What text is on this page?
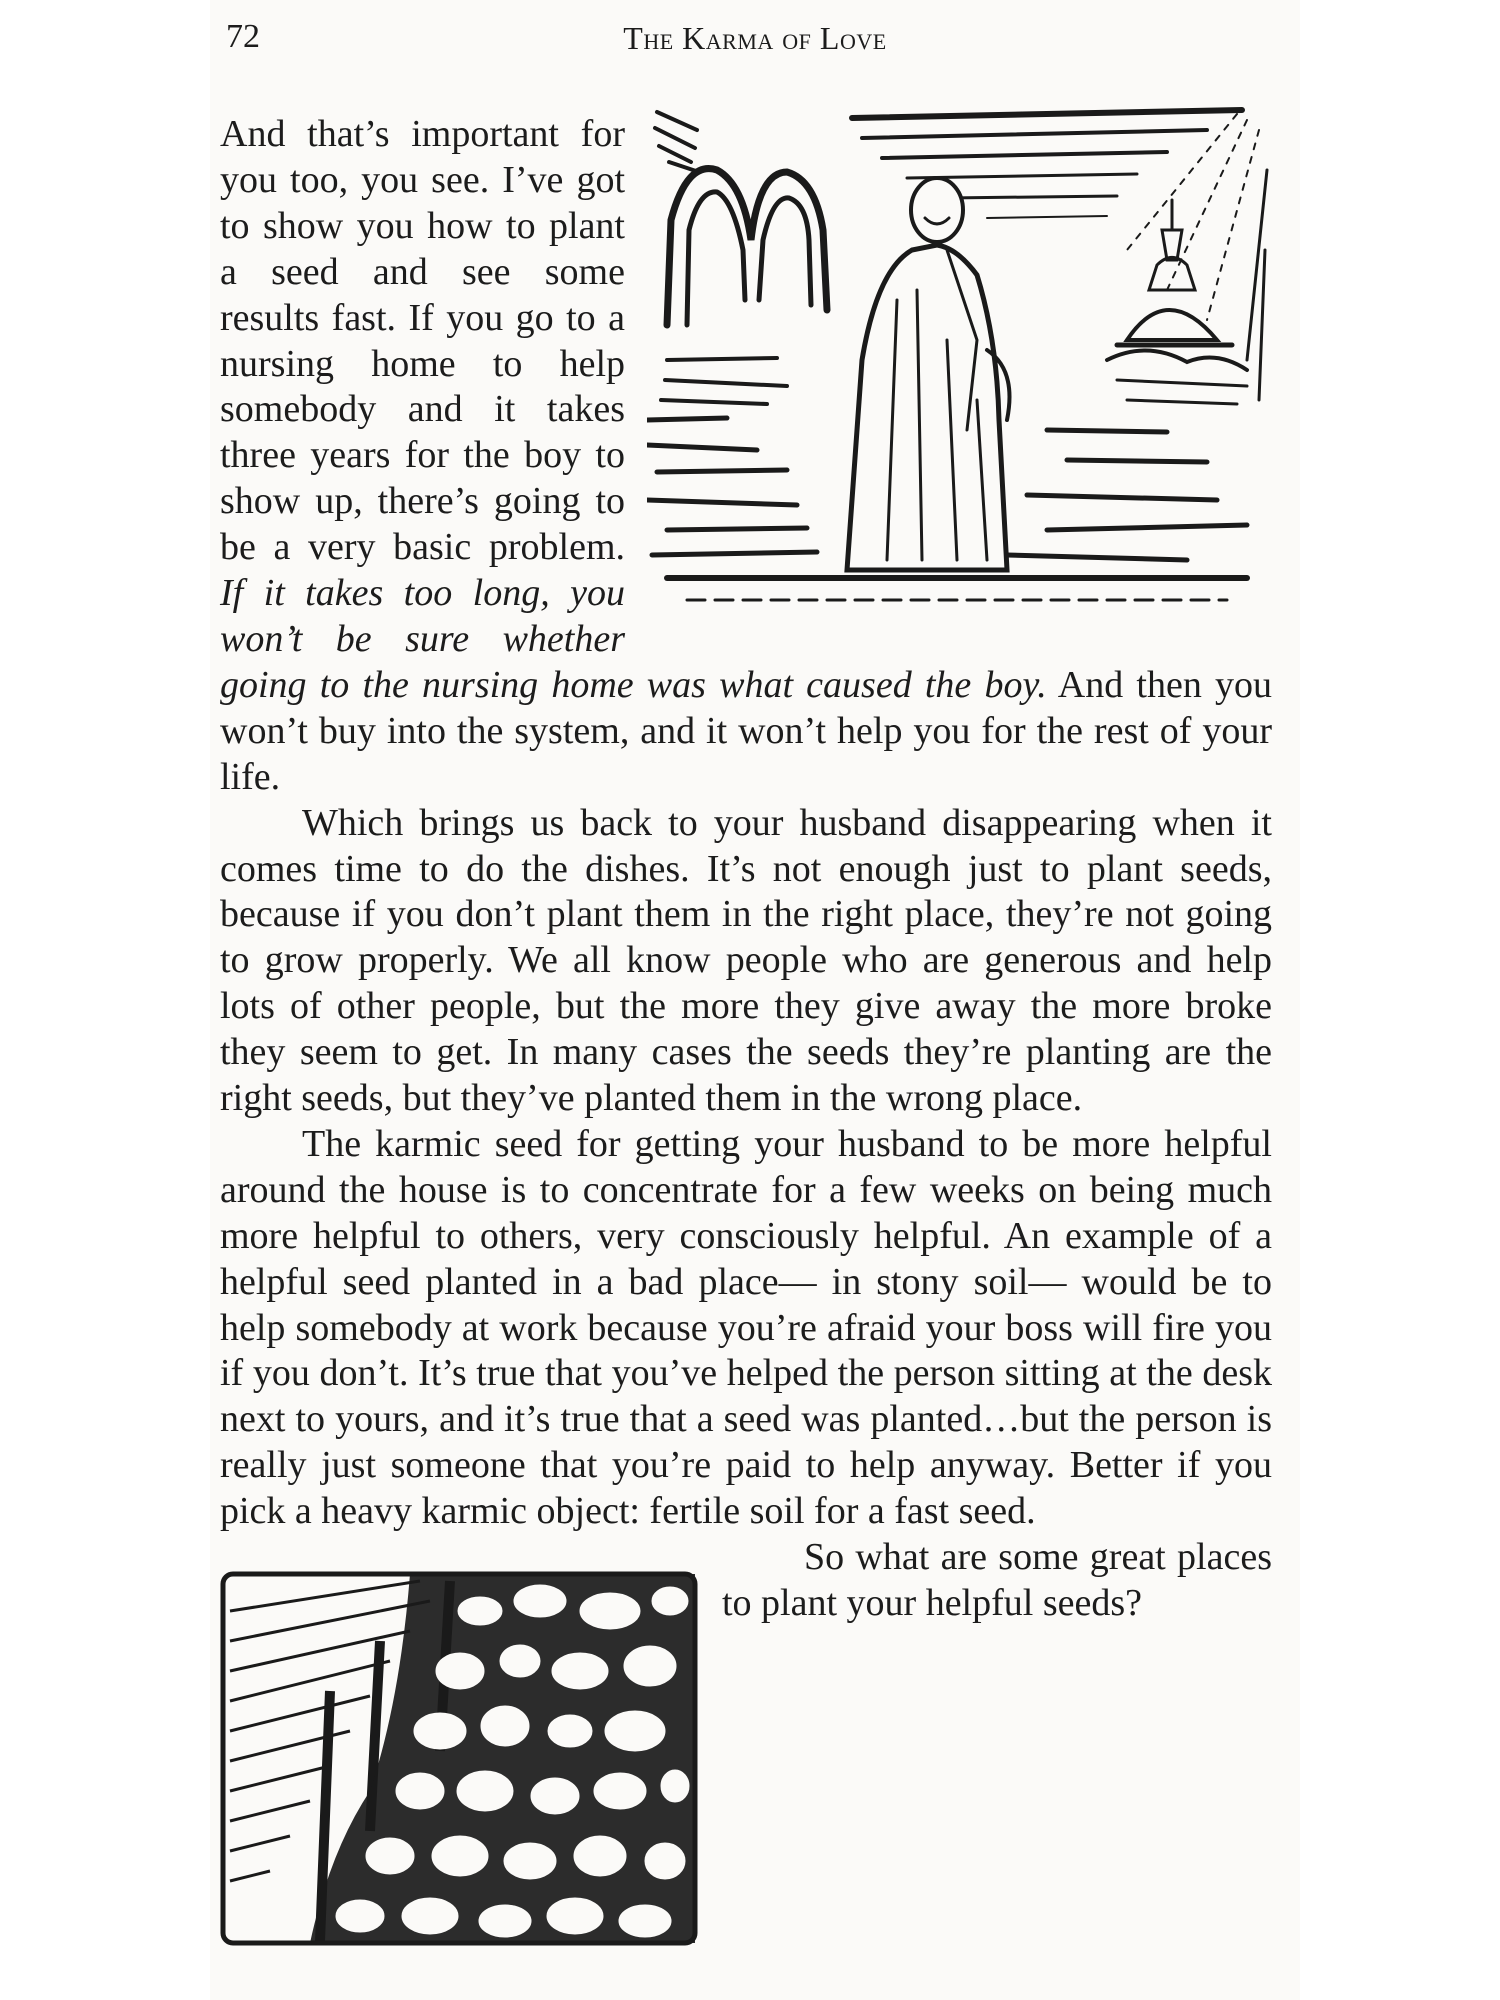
72	The Karma of Love

And that’s important for you too, you see. I’ve got to show you how to plant a seed and see some results fast. If you go to a nursing home to help somebody and it takes three years for the boy to show up, there’s going to be a very basic problem. If it takes too long, you won’t be sure whether going to the nursing home was what caused the boy. And then you won’t buy into the system, and it won’t help you for the rest of your life.

Which brings us back to your husband disappearing when it comes time to do the dishes. It’s not enough just to plant seeds, because if you don’t plant them in the right place, they’re not going to grow properly. We all know people who are generous and help lots of other people, but the more they give away the more broke they seem to get. In many cases the seeds they’re planting are the right seeds, but they’ve planted them in the wrong place.

The karmic seed for getting your husband to be more helpful around the house is to concentrate for a few weeks on being much more helpful to others, very consciously helpful. An example of a helpful seed planted in a bad place— in stony soil— would be to help somebody at work because you’re afraid your boss will fire you if you don’t. It’s true that you’ve helped the person sitting at the desk next to yours, and it’s true that a seed was planted…but the person is really just someone that you’re paid to help anyway. Better if you pick a heavy karmic object: fertile soil for a fast seed.

So what are some great places to plant your helpful seeds?
